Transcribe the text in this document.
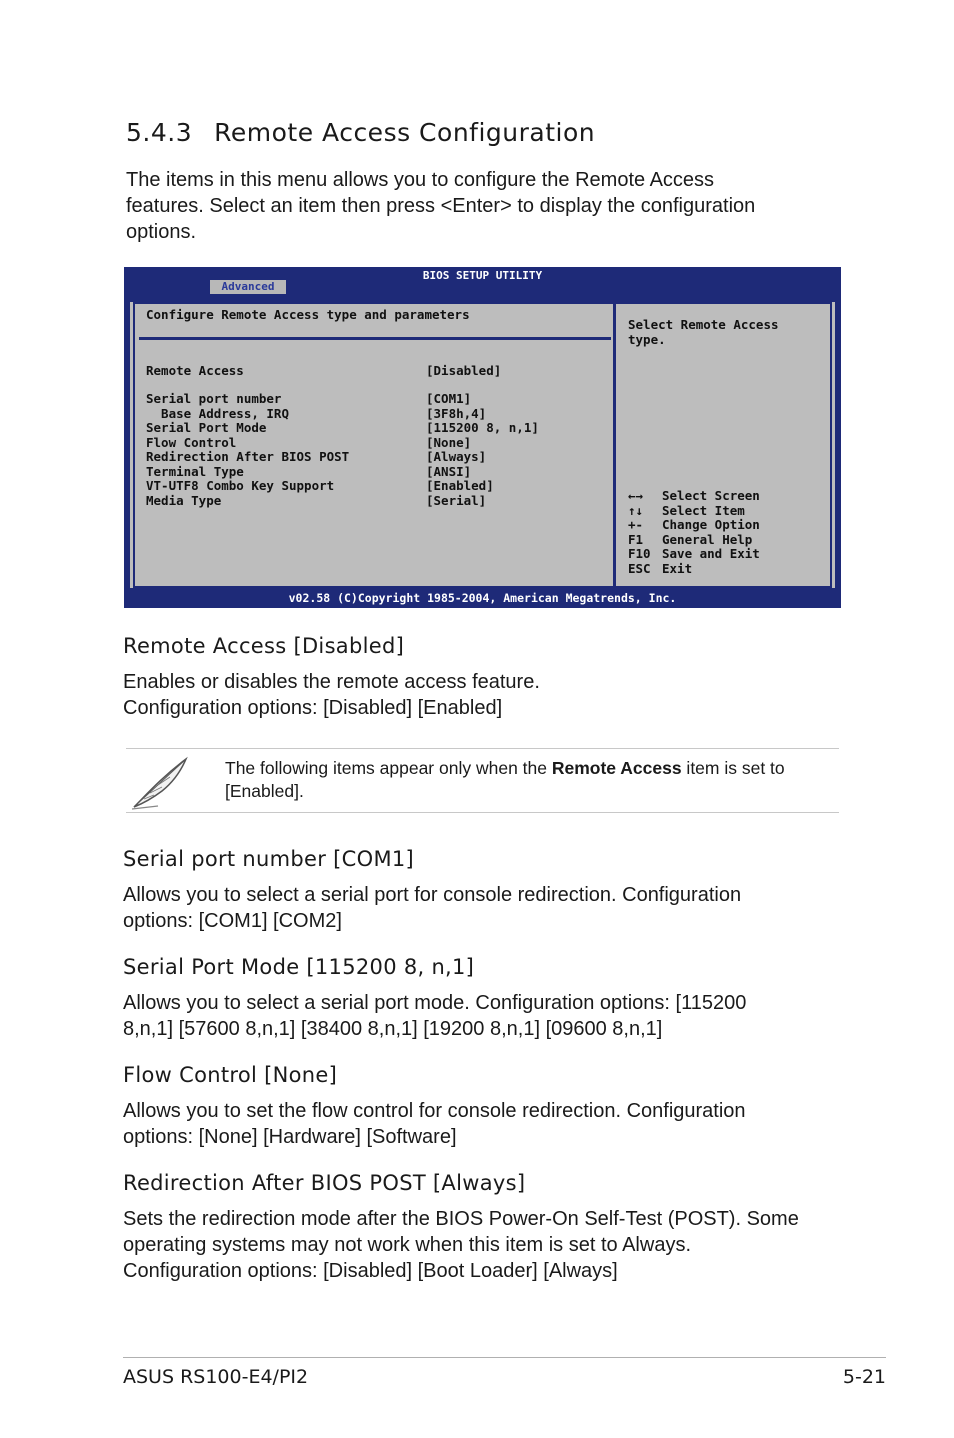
5.4.3 Remote Access Configuration
The items in this menu allows you to configure the Remote Access
features. Select an item then press <Enter> to display the configuration
options.
BIOS SETUP UTILITY
Advanced
Configure Remote Access type and parameters
Remote Access	[Disabled]
Serial port number	[COM1]
Base Address, IRQ	[3F8h,4]
Serial Port Mode	[115200 8, n,1]
Flow Control	[None]
Redirection After BIOS POST	[Always]
Terminal Type	[ANSI]
VT-UTF8 Combo Key Support	[Enabled]
Media Type	[Serial]
Select Remote Access
type.
←→ Select Screen
↑↓ Select Item
+- Change Option
F1 General Help
F10 Save and Exit
ESC Exit
v02.58 (C)Copyright 1985-2004, American Megatrends, Inc.
Remote Access [Disabled]
Enables or disables the remote access feature.
Configuration options: [Disabled] [Enabled]
The following items appear only when the Remote Access item is set to
[Enabled].
Serial port number [COM1]
Allows you to select a serial port for console redirection. Configuration
options: [COM1] [COM2]
Serial Port Mode [115200 8, n,1]
Allows you to select a serial port mode. Configuration options: [115200
8,n,1] [57600 8,n,1] [38400 8,n,1] [19200 8,n,1] [09600 8,n,1]
Flow Control [None]
Allows you to set the flow control for console redirection. Configuration
options: [None] [Hardware] [Software]
Redirection After BIOS POST [Always]
Sets the redirection mode after the BIOS Power-On Self-Test (POST). Some
operating systems may not work when this item is set to Always.
Configuration options: [Disabled] [Boot Loader] [Always]
ASUS RS100-E4/PI2	5-21
